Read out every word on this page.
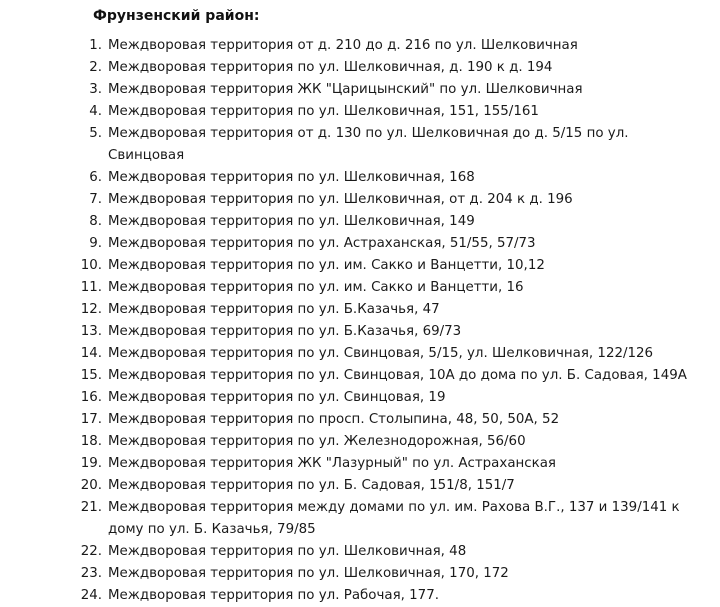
Фрунзенский район:
1. Междворовая территория от д. 210 до д. 216 по ул. Шелковичная
2. Междворовая территория по ул. Шелковичная, д. 190 к д. 194
3. Междворовая территория ЖК "Царицынский" по ул. Шелковичная
4. Междворовая территория по ул. Шелковичная, 151, 155/161
5. Междворовая территория от д. 130 по ул. Шелковичная до д. 5/15 по ул. Свинцовая
6. Междворовая территория по ул. Шелковичная, 168
7. Междворовая территория по ул. Шелковичная, от д. 204 к д. 196
8. Междворовая территория по ул. Шелковичная, 149
9. Междворовая территория по ул. Астраханская, 51/55, 57/73
10. Междворовая территория по ул. им. Сакко и Ванцетти, 10,12
11. Междворовая территория по ул. им. Сакко и Ванцетти, 16
12. Междворовая территория по ул. Б.Казачья, 47
13. Междворовая территория по ул. Б.Казачья, 69/73
14. Междворовая территория по ул. Свинцовая, 5/15, ул. Шелковичная, 122/126
15. Междворовая территория по ул. Свинцовая, 10А до дома по ул. Б. Садовая, 149А
16. Междворовая территория по ул. Свинцовая, 19
17. Междворовая территория по просп. Столыпина, 48, 50, 50А, 52
18. Междворовая территория по ул. Железнодорожная, 56/60
19. Междворовая территория ЖК "Лазурный" по ул. Астраханская
20. Междворовая территория по ул. Б. Садовая, 151/8, 151/7
21. Междворовая территория между домами по ул. им. Рахова В.Г., 137 и 139/141 к дому по ул. Б. Казачья, 79/85
22. Междворовая территория по ул. Шелковичная, 48
23. Междворовая территория по ул. Шелковичная, 170, 172
24. Междворовая территория по ул. Рабочая, 177.
